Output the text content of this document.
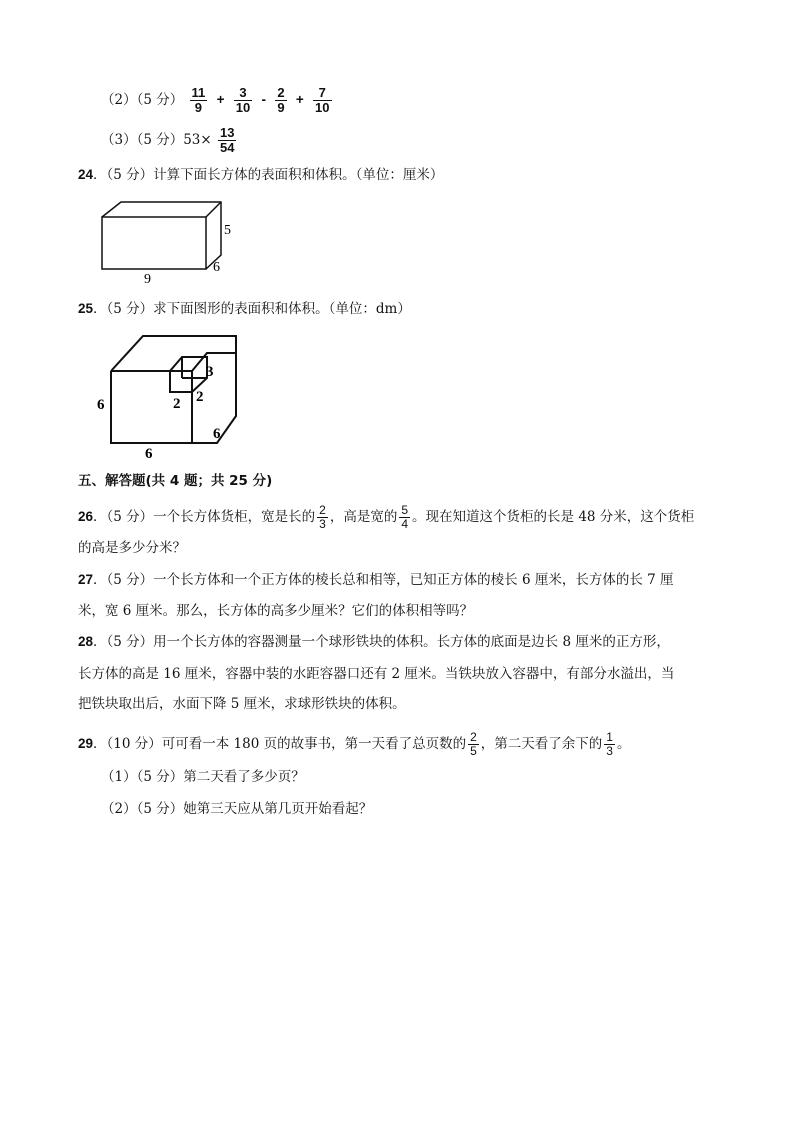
（2）（5 分） $\frac{11}{9} + \frac{3}{10} - \frac{2}{9} + \frac{7}{10}$
（3）（5 分）$53\times \frac{13}{54}$
24．（5 分）计算下面长方体的表面积和体积。（单位：厘米）
5
6
9
25．（5 分）求下面图形的表面积和体积。（单位：dm）
3
2 2
6
6
6
五、解答题(共 4 题；共 25 分)
26．（5 分）一个长方体货柜，宽是长的 $\frac{2}{3}$ ，高是宽的 $\frac{5}{4}$ 。现在知道这个货柜的长是 48 分米，这个货柜
的高是多少分米？
27．（5 分）一个长方体和一个正方体的棱长总和相等，已知正方体的棱长 6 厘米，长方体的长 7 厘
米，宽 6 厘米。那么，长方体的高多少厘米？它们的体积相等吗？
28．（5 分）用一个长方体的容器测量一个球形铁块的体积。长方体的底面是边长 8 厘米的正方形，
长方体的高是 16 厘米，容器中装的水距容器口还有 2 厘米。当铁块放入容器中，有部分水溢出，当
把铁块取出后，水面下降 5 厘米，求球形铁块的体积。
29．（10 分）可可看一本 180 页的故事书，第一天看了总页数的 $\frac{2}{5}$ ，第二天看了余下的 $\frac{1}{3}$ 。
（1）（5 分）第二天看了多少页？
（2）（5 分）她第三天应从第几页开始看起？
